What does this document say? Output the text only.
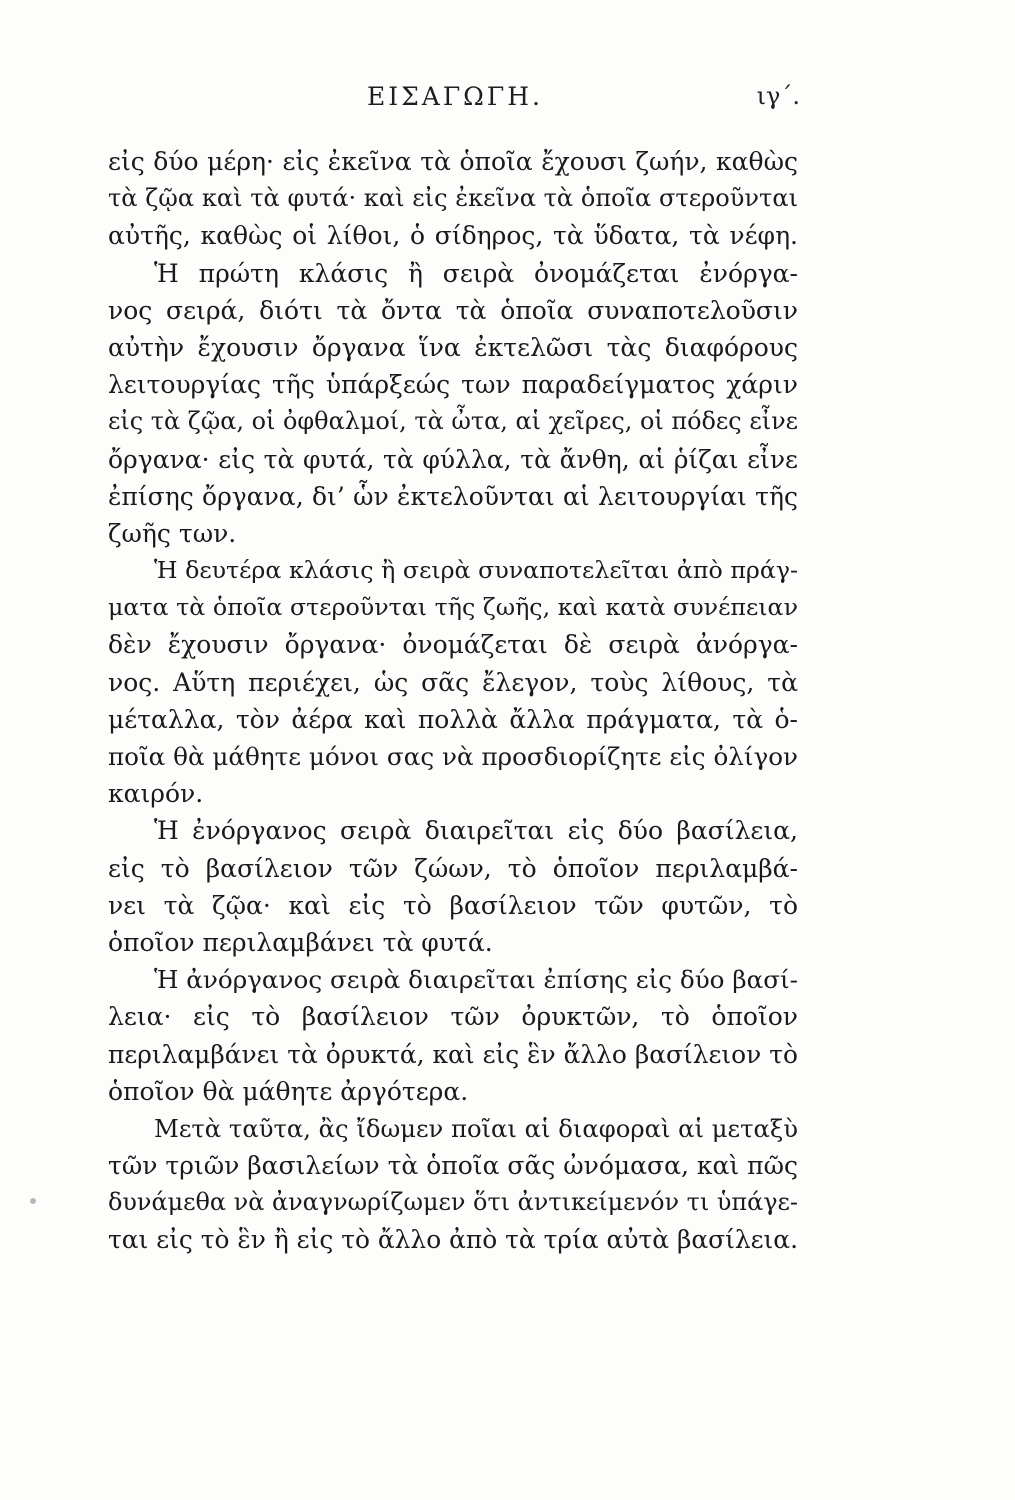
ΕΙΣΑΓΩΓΗ.	ιγ΄.
εἰς δύο μέρη· εἰς ἐκεῖνα τὰ ὁποῖα ἔχουσι ζωήν, καθὼς
τὰ ζῷα καὶ τὰ φυτά· καὶ εἰς ἐκεῖνα τὰ ὁποῖα στεροῦνται
αὐτῆς, καθὼς οἱ λίθοι, ὁ σίδηρος, τὰ ὕδατα, τὰ νέφη.
Ἡ πρώτη κλάσις ἢ σειρὰ ὀνομάζεται ἐνόργα-
νος σειρά, διότι τὰ ὄντα τὰ ὁποῖα συναποτελοῦσιν
αὐτὴν ἔχουσιν ὄργανα ἵνα ἐκτελῶσι τὰς διαφόρους
λειτουργίας τῆς ὑπάρξεώς των παραδείγματος χάριν
εἰς τὰ ζῷα, οἱ ὀφθαλμοί, τὰ ὦτα, αἱ χεῖρες, οἱ πόδες εἶνε
ὄργανα· εἰς τὰ φυτά, τὰ φύλλα, τὰ ἄνθη, αἱ ῥίζαι εἶνε
ἐπίσης ὄργανα, δι’ ὧν ἐκτελοῦνται αἱ λειτουργίαι τῆς
ζωῆς των.
Ἡ δευτέρα κλάσις ἢ σειρὰ συναποτελεῖται ἀπὸ πράγ-
ματα τὰ ὁποῖα στεροῦνται τῆς ζωῆς, καὶ κατὰ συνέπειαν
δὲν ἔχουσιν ὄργανα· ὀνομάζεται δὲ σειρὰ ἀνόργα-
νος. Αὕτη περιέχει, ὡς σᾶς ἔλεγον, τοὺς λίθους, τὰ
μέταλλα, τὸν ἀέρα καὶ πολλὰ ἄλλα πράγματα, τὰ ὁ-
ποῖα θὰ μάθητε μόνοι σας νὰ προσδιορίζητε εἰς ὀλίγον
καιρόν.
Ἡ ἐνόργανος σειρὰ διαιρεῖται εἰς δύο βασίλεια,
εἰς τὸ βασίλειον τῶν ζώων, τὸ ὁποῖον περιλαμβά-
νει τὰ ζῷα· καὶ εἰς τὸ βασίλειον τῶν φυτῶν, τὸ
ὁποῖον περιλαμβάνει τὰ φυτά.
Ἡ ἀνόργανος σειρὰ διαιρεῖται ἐπίσης εἰς δύο βασί-
λεια· εἰς τὸ βασίλειον τῶν ὀρυκτῶν, τὸ ὁποῖον
περιλαμβάνει τὰ ὀρυκτά, καὶ εἰς ἓν ἄλλο βασίλειον τὸ
ὁποῖον θὰ μάθητε ἀργότερα.
Μετὰ ταῦτα, ἂς ἴδωμεν ποῖαι αἱ διαφοραὶ αἱ μεταξὺ
τῶν τριῶν βασιλείων τὰ ὁποῖα σᾶς ὠνόμασα, καὶ πῶς
δυνάμεθα νὰ ἀναγνωρίζωμεν ὅτι ἀντικείμενόν τι ὑπάγε-
ται εἰς τὸ ἓν ἢ εἰς τὸ ἄλλο ἀπὸ τὰ τρία αὐτὰ βασίλεια.
